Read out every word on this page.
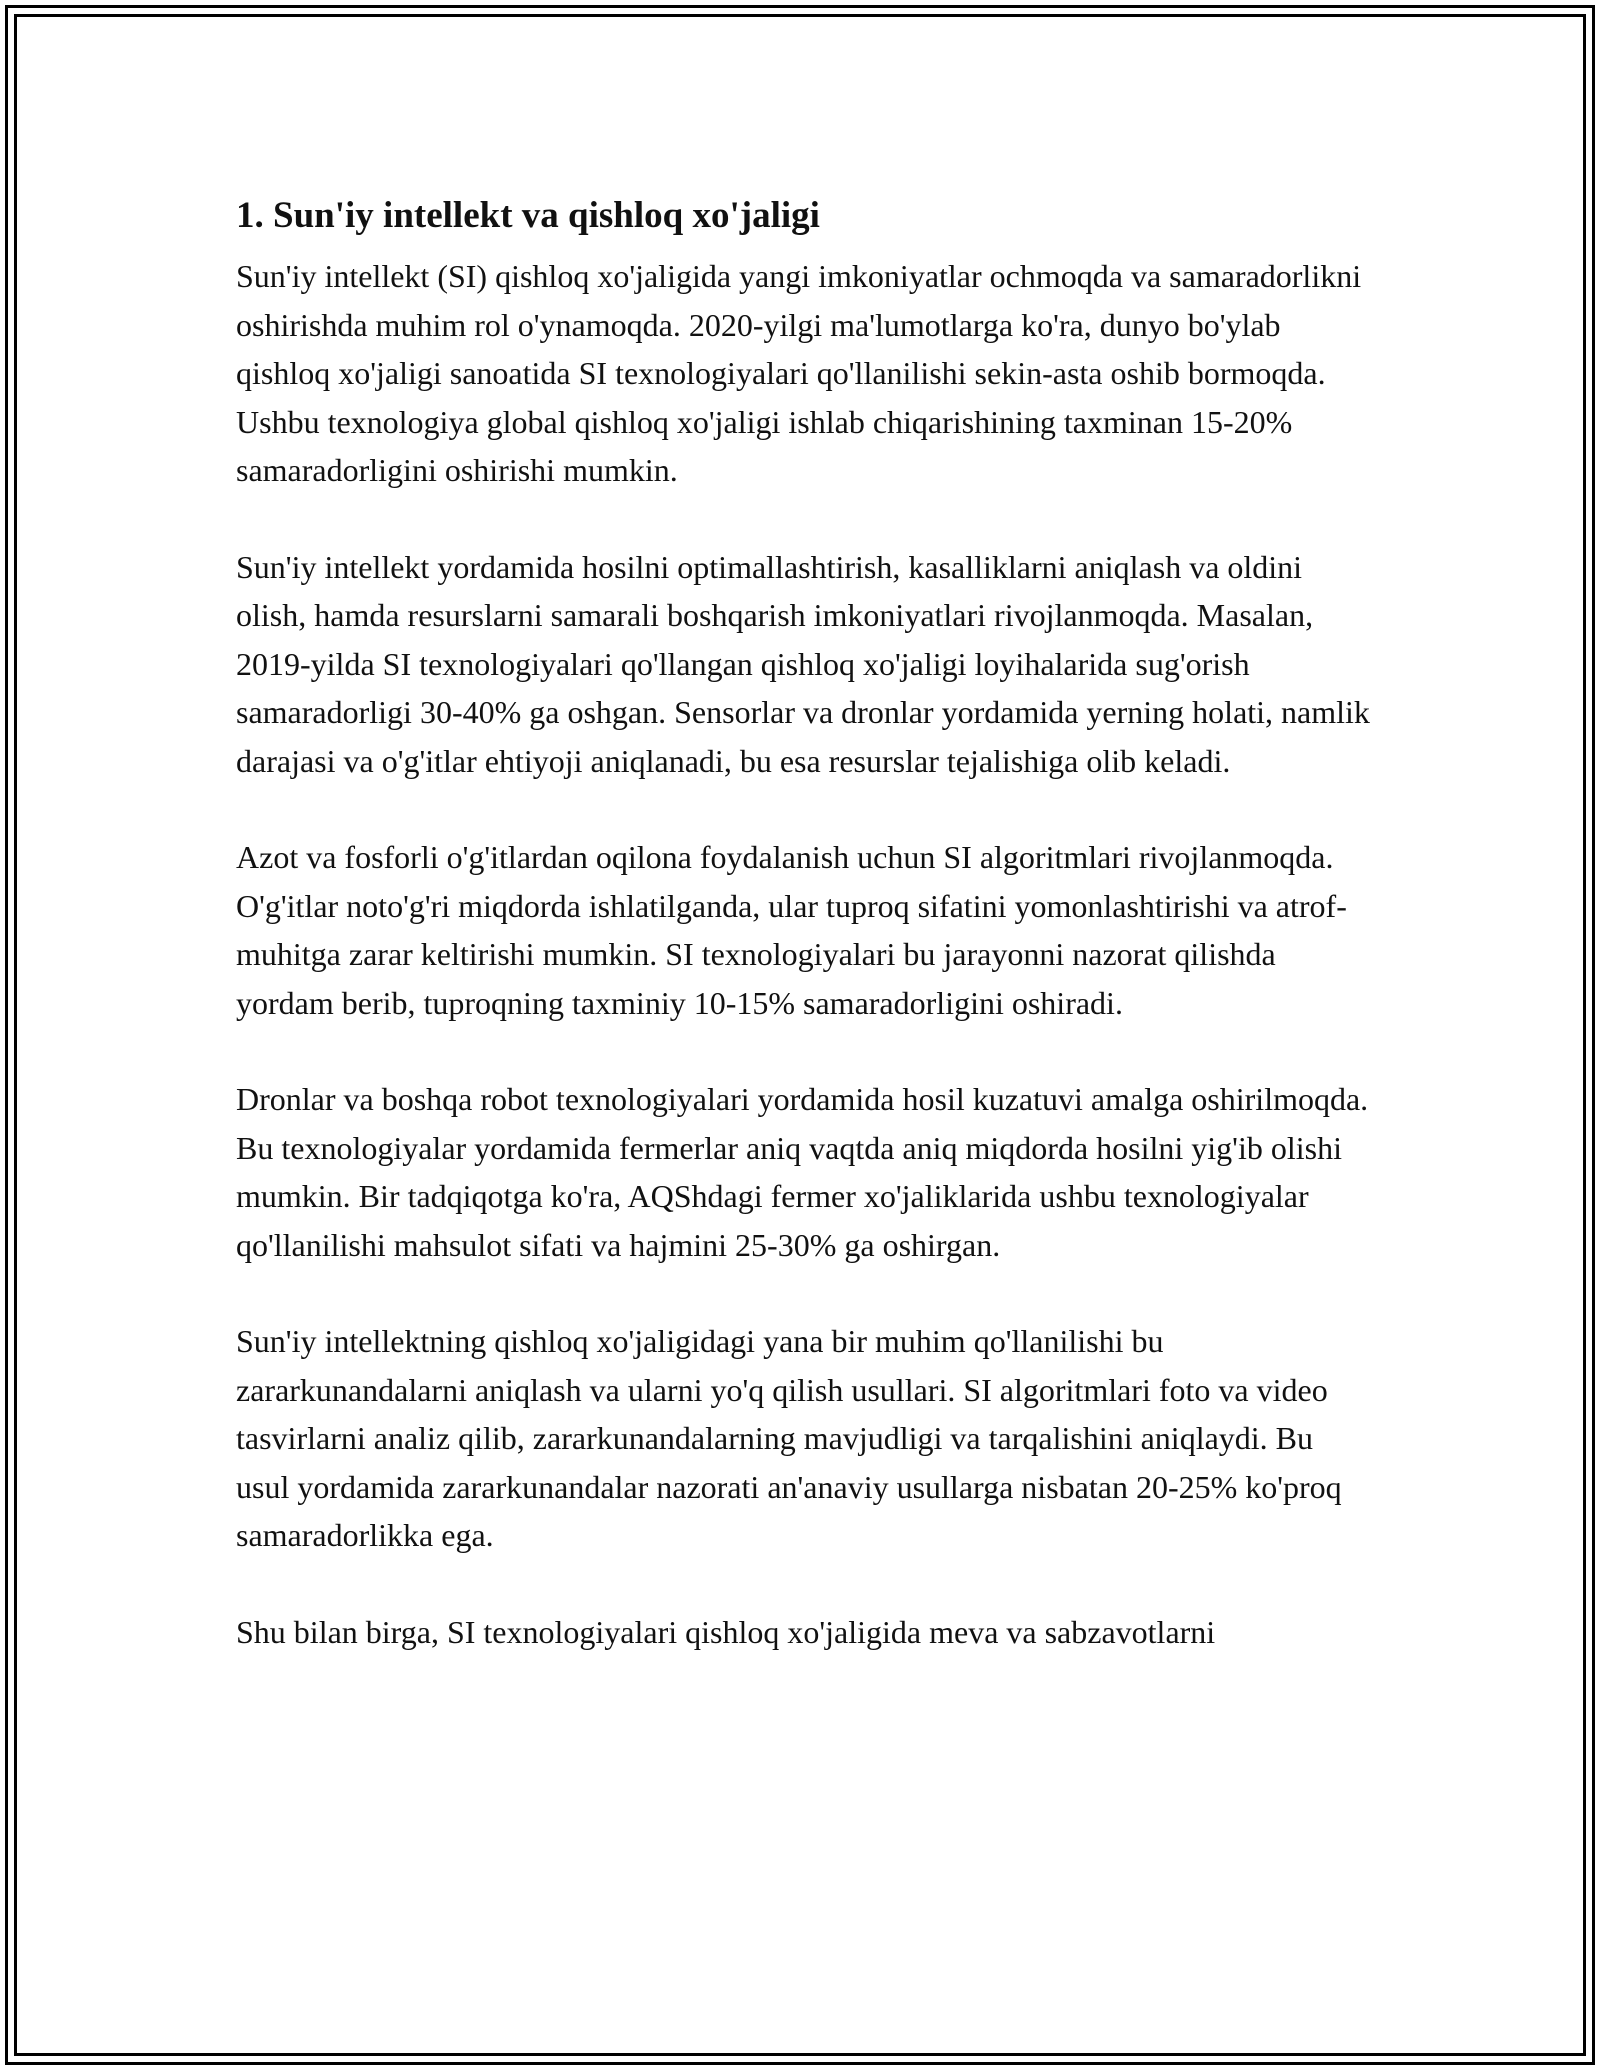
1. Sun'iy intellekt va qishloq xo'jaligi

Sun'iy intellekt (SI) qishloq xo'jaligida yangi imkoniyatlar ochmoqda va samaradorlikni oshirishda muhim rol o'ynamoqda. 2020-yilgi ma'lumotlarga ko'ra, dunyo bo'ylab qishloq xo'jaligi sanoatida SI texnologiyalari qo'llanilishi sekin-asta oshib bormoqda. Ushbu texnologiya global qishloq xo'jaligi ishlab chiqarishining taxminan 15-20% samaradorligini oshirishi mumkin.

Sun'iy intellekt yordamida hosilni optimallashtirish, kasalliklarni aniqlash va oldini olish, hamda resurslarni samarali boshqarish imkoniyatlari rivojlanmoqda. Masalan, 2019-yilda SI texnologiyalari qo'llangan qishloq xo'jaligi loyihalarida sug'orish samaradorligi 30-40% ga oshgan. Sensorlar va dronlar yordamida yerning holati, namlik darajasi va o'g'itlar ehtiyoji aniqlanadi, bu esa resurslar tejalishiga olib keladi.

Azot va fosforli o'g'itlardan oqilona foydalanish uchun SI algoritmlari rivojlanmoqda. O'g'itlar noto'g'ri miqdorda ishlatilganda, ular tuproq sifatini yomonlashtirishi va atrof-muhitga zarar keltirishi mumkin. SI texnologiyalari bu jarayonni nazorat qilishda yordam berib, tuproqning taxminiy 10-15% samaradorligini oshiradi.

Dronlar va boshqa robot texnologiyalari yordamida hosil kuzatuvi amalga oshirilmoqda. Bu texnologiyalar yordamida fermerlar aniq vaqtda aniq miqdorda hosilni yig'ib olishi mumkin. Bir tadqiqotga ko'ra, AQShdagi fermer xo'jaliklarida ushbu texnologiyalar qo'llanilishi mahsulot sifati va hajmini 25-30% ga oshirgan.

Sun'iy intellektning qishloq xo'jaligidagi yana bir muhim qo'llanilishi bu zararkunandalarni aniqlash va ularni yo'q qilish usullari. SI algoritmlari foto va video tasvirlarni analiz qilib, zararkunandalarning mavjudligi va tarqalishini aniqlaydi. Bu usul yordamida zararkunandalar nazorati an'anaviy usullarga nisbatan 20-25% ko'proq samaradorlikka ega.

Shu bilan birga, SI texnologiyalari qishloq xo'jaligida meva va sabzavotlarni
